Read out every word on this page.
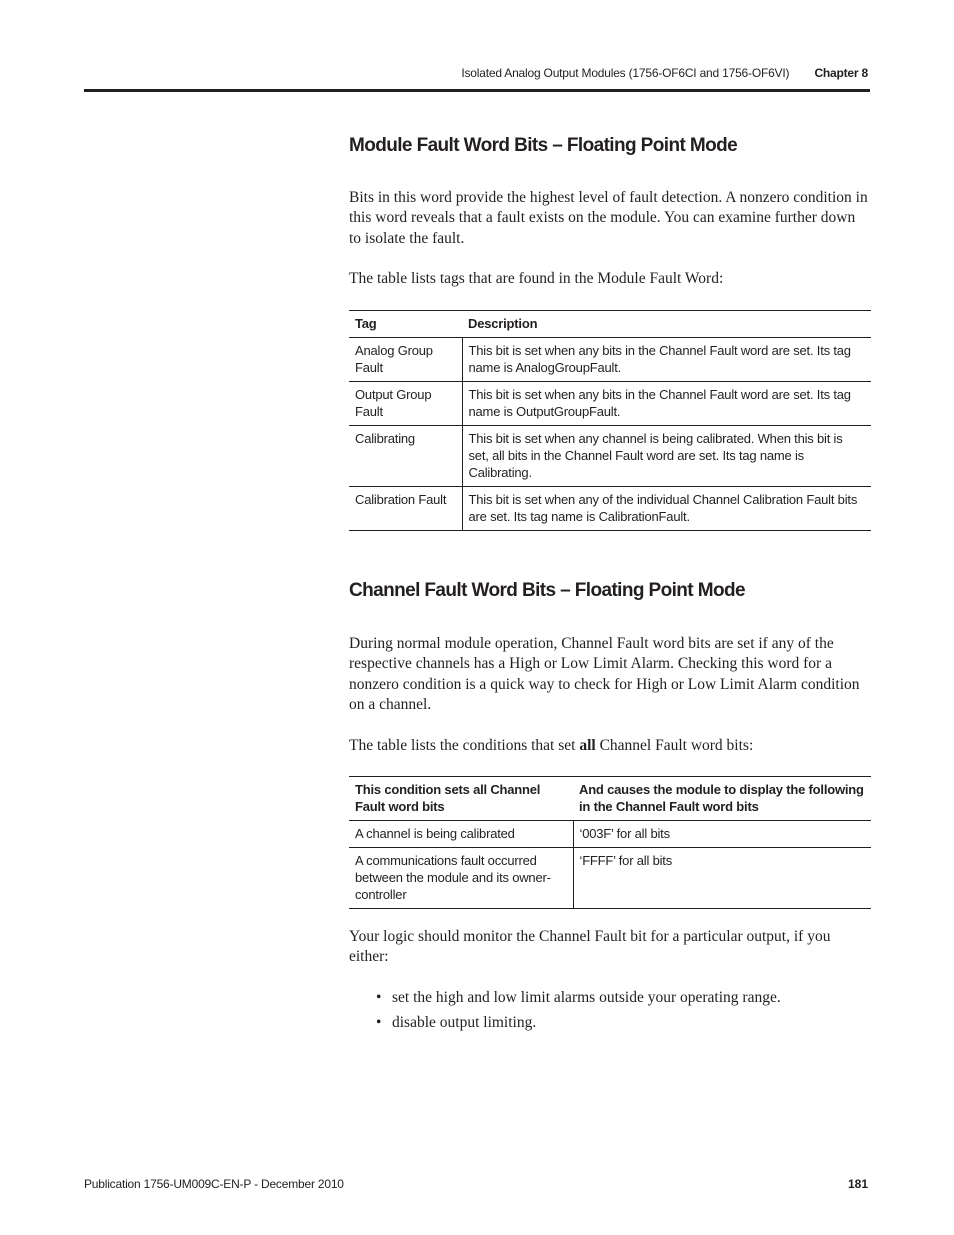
Isolated Analog Output Modules (1756-OF6CI and 1756-OF6VI) Chapter 8
Module Fault Word Bits – Floating Point Mode

Bits in this word provide the highest level of fault detection. A nonzero condition in this word reveals that a fault exists on the module. You can examine further down to isolate the fault.

The table lists tags that are found in the Module Fault Word:

Tag	Description
Analog Group Fault	This bit is set when any bits in the Channel Fault word are set. Its tag name is AnalogGroupFault.
Output Group Fault	This bit is set when any bits in the Channel Fault word are set. Its tag name is OutputGroupFault.
Calibrating	This bit is set when any channel is being calibrated. When this bit is set, all bits in the Channel Fault word are set. Its tag name is Calibrating.
Calibration Fault	This bit is set when any of the individual Channel Calibration Fault bits are set. Its tag name is CalibrationFault.
Channel Fault Word Bits – Floating Point Mode

During normal module operation, Channel Fault word bits are set if any of the respective channels has a High or Low Limit Alarm. Checking this word for a nonzero condition is a quick way to check for High or Low Limit Alarm condition on a channel.

The table lists the conditions that set all Channel Fault word bits:

This condition sets all Channel Fault word bits	And causes the module to display the following in the Channel Fault word bits
A channel is being calibrated	‘003F’ for all bits
A communications fault occurred between the module and its owner-controller	‘FFFF’ for all bits

Your logic should monitor the Channel Fault bit for a particular output, if you either:

• set the high and low limit alarms outside your operating range.
• disable output limiting.
Publication 1756-UM009C-EN-P - December 2010	181
